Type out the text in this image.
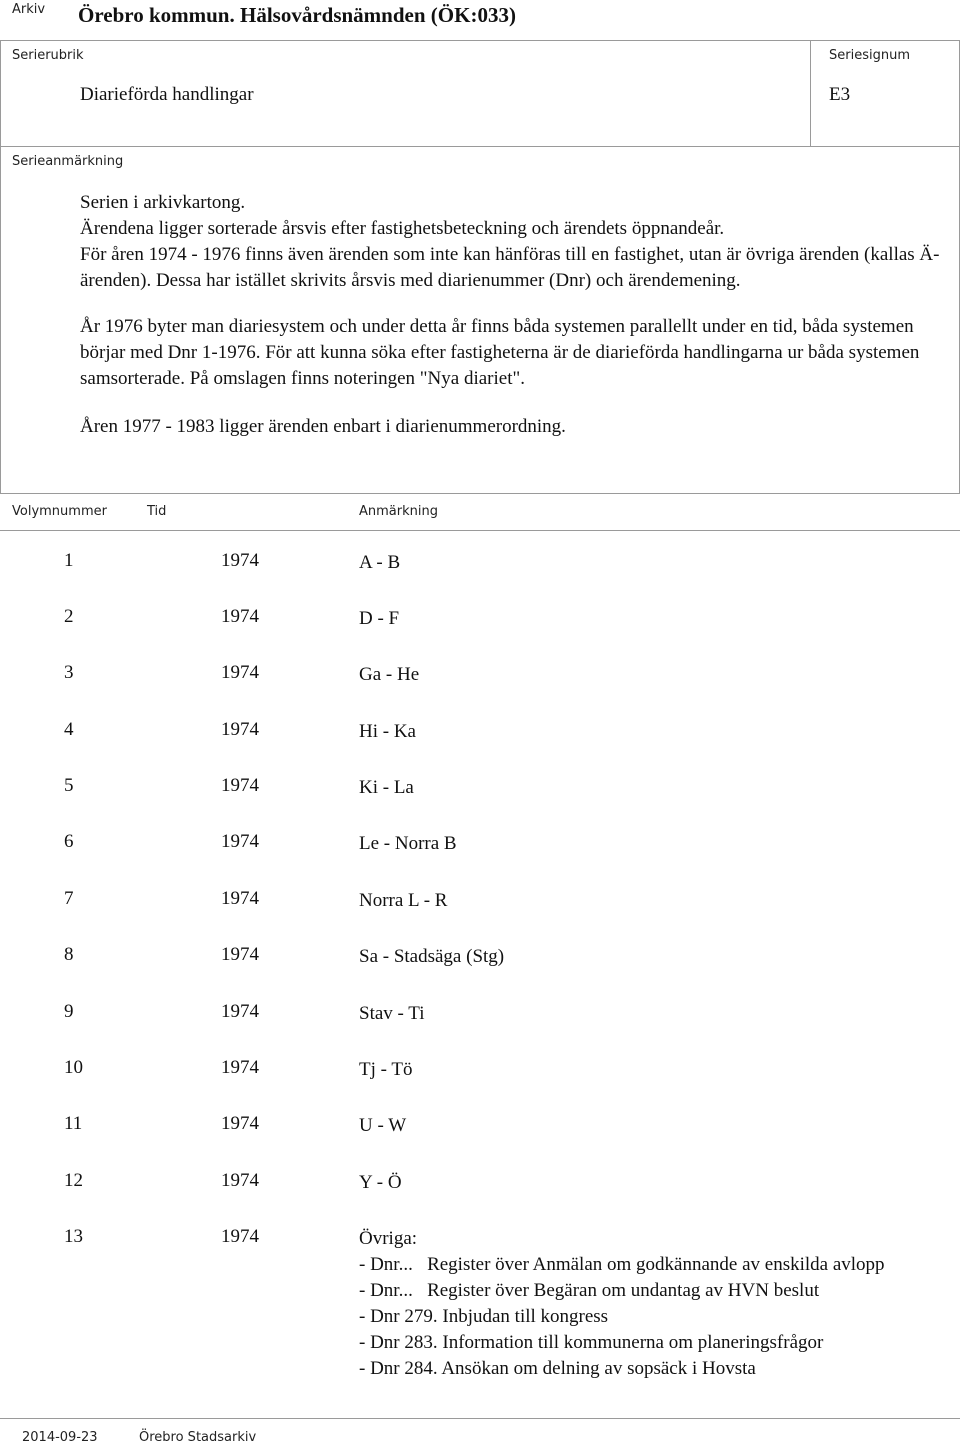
Arkiv Örebro kommun. Hälsovårdsnämnden (ÖK:033)
Serierubrik
Diarieförda handlingar
Seriesignum
E3
Serieanmärkning

Serien i arkivkartong.

Ärendena ligger sorterade årsvis efter fastighetsbeteckning och ärendets öppnandeår.

För åren 1974 - 1976 finns även ärenden som inte kan hänföras till en fastighet, utan är övriga ärenden (kallas Ä-ärenden). Dessa har istället skrivits årsvis med diarienummer (Dnr) och ärendemening.

År 1976 byter man diariesystem och under detta år finns båda systemen parallellt under en tid, båda systemen börjar med Dnr 1-1976. För att kunna söka efter fastigheterna är de diarieförda handlingarna ur båda systemen samsorterade. På omslagen finns noteringen "Nya diariet".

Åren 1977 - 1983 ligger ärenden enbart i diarienummerordning.

Volymnummer	Tid	Anmärkning
1	1974	A - B
2	1974	D - F
3	1974	Ga - He
4	1974	Hi - Ka
5	1974	Ki - La
6	1974	Le - Norra B
7	1974	Norra L - R
8	1974	Sa - Stadsäga (Stg)
9	1974	Stav - Ti
10	1974	Tj - Tö
11	1974	U - W
12	1974	Y - Ö
13	1974	Övriga:
- Dnr...   Register över Anmälan om godkännande av enskilda avlopp
- Dnr...   Register över Begäran om undantag av HVN beslut
- Dnr 279. Inbjudan till kongress
- Dnr 283. Information till kommunerna om planeringsfrågor
- Dnr 284. Ansökan om delning av sopsäck i Hovsta
2014-09-23	Örebro Stadsarkiv
